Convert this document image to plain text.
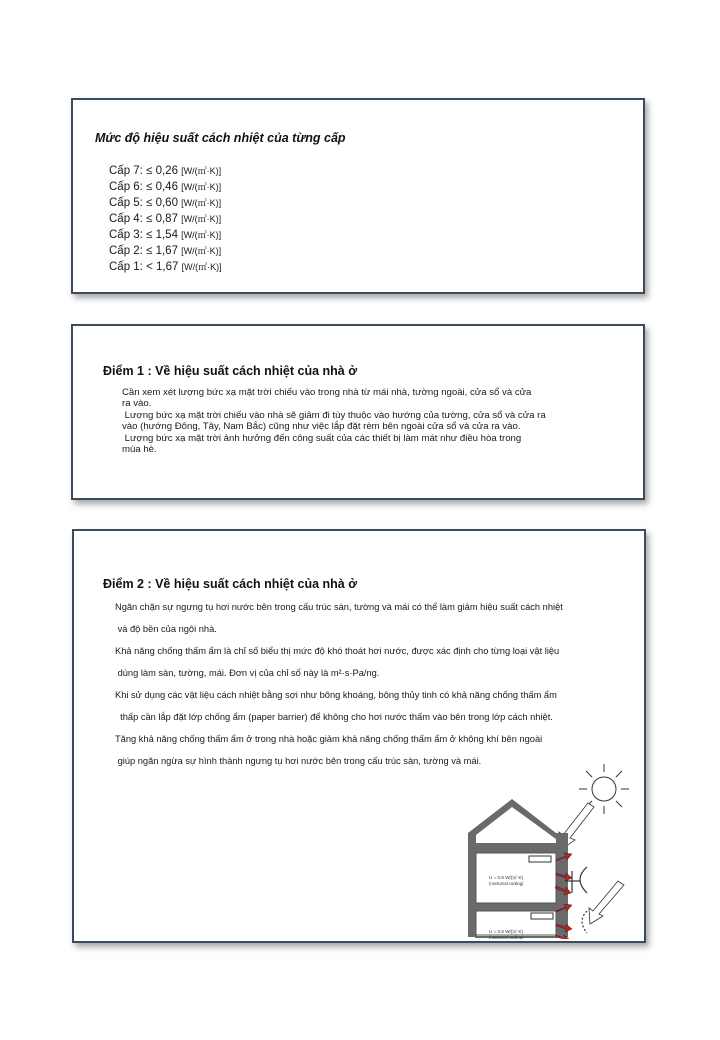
Mức độ hiệu suất cách nhiệt của từng cấp
Cấp 7: ≤ 0,26 [W/(㎡·K)]
Cấp 6: ≤ 0,46 [W/(㎡·K)]
Cấp 5: ≤ 0,60 [W/(㎡·K)]
Cấp 4: ≤ 0,87 [W/(㎡·K)]
Cấp 3: ≤ 1,54 [W/(㎡·K)]
Cấp 2: ≤ 1,67 [W/(㎡·K)]
Cấp 1: < 1,67 [W/(㎡·K)]
Điểm 1 : Về hiệu suất cách nhiệt của nhà ở
Cần xem xét lượng bức xạ mặt trời chiếu vào trong nhà từ mái nhà, tường ngoài, cửa sổ và cửa
ra vào.
Lượng bức xạ mặt trời chiếu vào nhà sẽ giảm đi tùy thuộc vào hướng của tường, cửa sổ và cửa ra
vào (hướng Đông, Tây, Nam Bắc) cũng như việc lắp đặt rèm bên ngoài cửa sổ và cửa ra vào.
Lượng bức xạ mặt trời ảnh hưởng đến công suất của các thiết bị làm mát như điều hòa trong
mùa hè.
Điểm 2 : Về hiệu suất cách nhiệt của nhà ở
Ngăn chặn sự ngưng tụ hơi nước bên trong cấu trúc sàn, tường và mái có thể làm giảm hiệu suất cách nhiệt
và độ bền của ngôi nhà.
Khả năng chống thấm ẩm là chỉ số biểu thị mức độ khó thoát hơi nước, được xác định cho từng loại vật liệu
dùng làm sàn, tường, mái. Đơn vị của chỉ số này là m²·s·Pa/ng.
Khi sử dụng các vật liệu cách nhiệt bằng sợi như bông khoáng, bông thủy tinh có khả năng chống thấm ẩm
thấp cần lắp đặt lớp chống ẩm (paper barrier) để không cho hơi nước thấm vào bên trong lớp cách nhiệt.
Tăng khả năng chống thấm ẩm ở trong nhà hoặc giảm khả năng chống thấm ẩm ở không khí bên ngoài
giúp ngăn ngừa sự hình thành ngưng tụ hơi nước bên trong cấu trúc sàn, tường và mái.
U = 0.5 W/(㎡·K)
(nocturnal cooling)
U = 0.5 W/(㎡·K)
(nocturnal cooling)
